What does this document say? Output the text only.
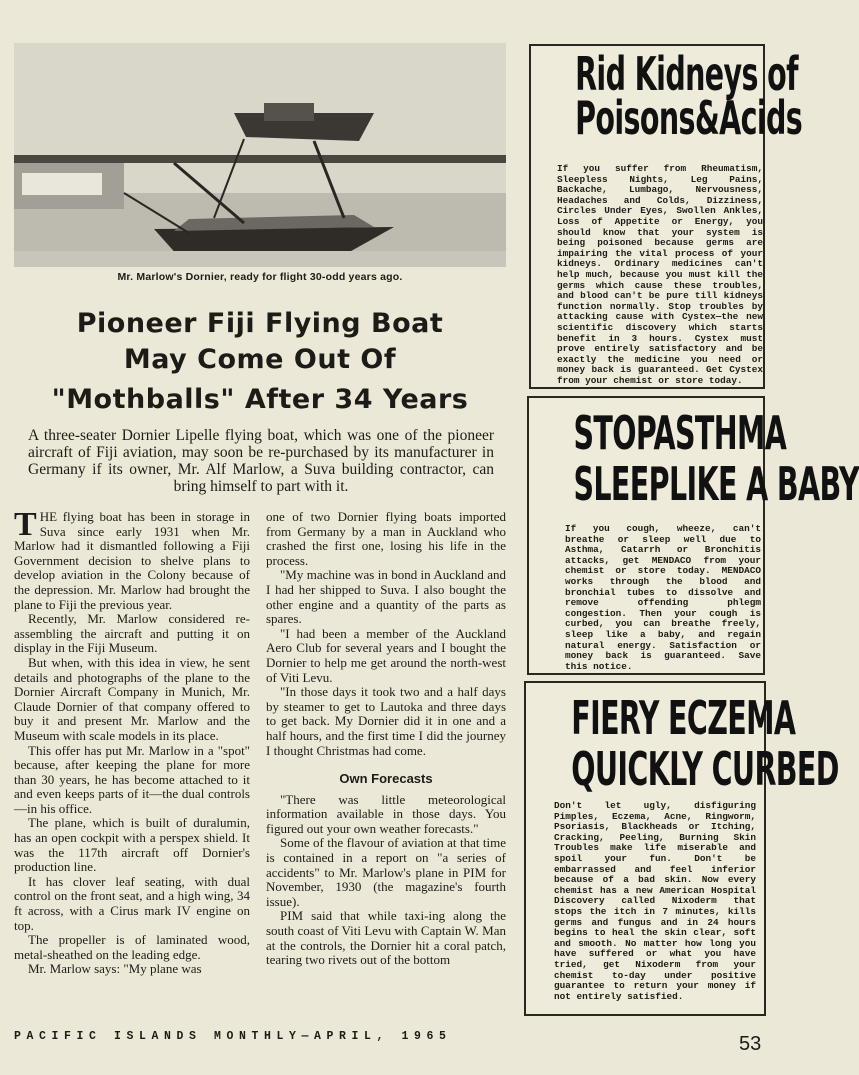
Mr. Marlow's Dornier, ready for flight 30-odd years ago.
Pioneer Fiji Flying Boat
May Come Out Of
"Mothballs" After 34 Years
A three-seater Dornier Lipelle flying boat, which was one of the pioneer aircraft of Fiji aviation, may soon be re-purchased by its manufacturer in Germany if its owner, Mr. Alf Marlow, a Suva building contractor, can bring himself to part with it.

THE flying boat has been in storage in Suva since early 1931 when Mr. Marlow had it dismantled following a Fiji Government decision to shelve plans to develop aviation in the Colony because of the depression. Mr. Marlow had brought the plane to Fiji the previous year.

Recently, Mr. Marlow considered re-assembling the aircraft and putting it on display in the Fiji Museum.

But when, with this idea in view, he sent details and photographs of the plane to the Dornier Aircraft Company in Munich, Mr. Claude Dornier of that company offered to buy it and present Mr. Marlow and the Museum with scale models in its place.

This offer has put Mr. Marlow in a "spot" because, after keeping the plane for more than 30 years, he has become attached to it and even keeps parts of it—the dual controls—in his office.

The plane, which is built of duralumin, has an open cockpit with a perspex shield. It was the 117th aircraft off Dornier's production line.

It has clover leaf seating, with dual control on the front seat, and a high wing, 34 ft across, with a Cirus mark IV engine on top.

The propeller is of laminated wood, metal-sheathed on the leading edge.

Mr. Marlow says: "My plane was

one of two Dornier flying boats imported from Germany by a man in Auckland who crashed the first one, losing his life in the process.

"My machine was in bond in Auckland and I had her shipped to Suva. I also bought the other engine and a quantity of the parts as spares.

"I had been a member of the Auckland Aero Club for several years and I bought the Dornier to help me get around the north-west of Viti Levu.

"In those days it took two and a half days by steamer to get to Lautoka and three days to get back. My Dornier did it in one and a half hours, and the first time I did the journey I thought Christmas had come.

Own Forecasts

"There was little meteorological information available in those days. You figured out your own weather forecasts."

Some of the flavour of aviation at that time is contained in a report on "a series of accidents" to Mr. Marlow's plane in PIM for November, 1930 (the magazine's fourth issue).

PIM said that while taxi-ing along the south coast of Viti Levu with Captain W. Man at the controls, the Dornier hit a coral patch, tearing two rivets out of the bottom

Rid Kidneys of
Poisons&Acids
If you suffer from Rheumatism, Sleepless Nights, Leg Pains, Backache, Lumbago, Nervousness, Headaches and Colds, Dizziness, Circles Under Eyes, Swollen Ankles, Loss of Appetite or Energy, you should know that your system is being poisoned because germs are impairing the vital process of your kidneys. Ordinary medicines can't help much, because you must kill the germs which cause these troubles, and blood can't be pure till kidneys function normally. Stop troubles by attacking cause with Cystex—the new scientific discovery which starts benefit in 3 hours. Cystex must prove entirely satisfactory and be exactly the medicine you need or money back is guaranteed. Get Cystex from your chemist or store today.
STOPASTHMA
SLEEPLIKE A BABY
If you cough, wheeze, can't breathe or sleep well due to Asthma, Catarrh or Bronchitis attacks, get MENDACO from your chemist or store today. MENDACO works through the blood and bronchial tubes to dissolve and remove offending phlegm congestion. Then your cough is curbed, you can breathe freely, sleep like a baby, and regain natural energy. Satisfaction or money back is guaranteed. Save this notice.
FIERY ECZEMA
QUICKLY CURBED
Don't let ugly, disfiguring Pimples, Eczema, Acne, Ringworm, Psoriasis, Blackheads or Itching, Cracking, Peeling, Burning Skin Troubles make life miserable and spoil your fun. Don't be embarrassed and feel inferior because of a bad skin. Now every chemist has a new American Hospital Discovery called Nixoderm that stops the itch in 7 minutes, kills germs and fungus and in 24 hours begins to heal the skin clear, soft and smooth. No matter how long you have suffered or what you have tried, get Nixoderm from your chemist to-day under positive guarantee to return your money if not entirely satisfied.
PACIFIC ISLANDS MONTHLY—APRIL, 1965	53
